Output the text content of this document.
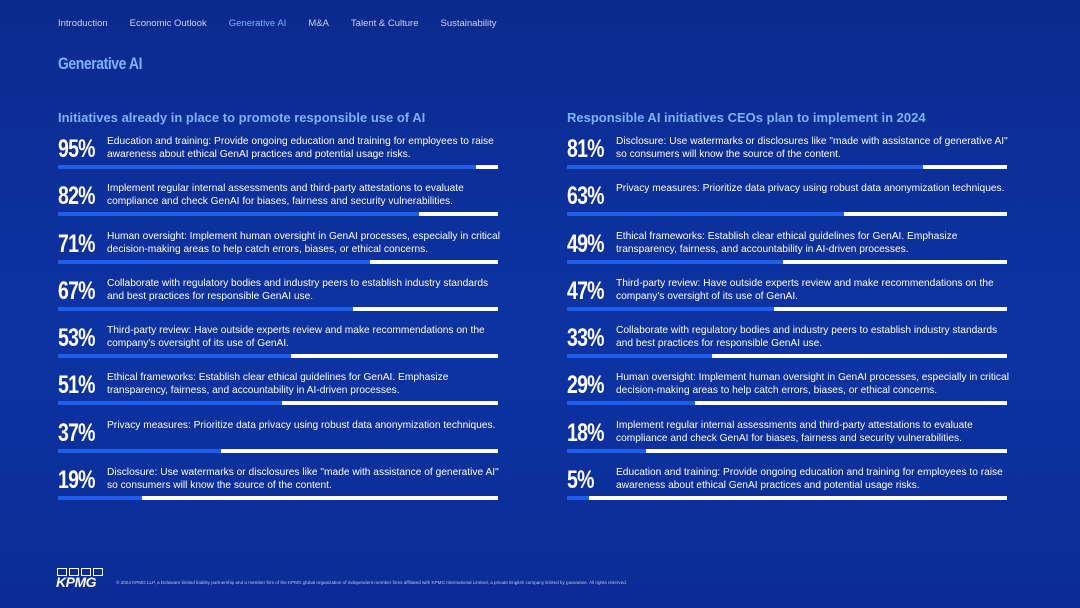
Introduction Economic Outlook Generative AI M&A Talent & Culture Sustainability
Generative AI
Initiatives already in place to promote responsible use of AI
95% Education and training: Provide ongoing education and training for employees to raise awareness about ethical GenAI practices and potential usage risks.
82% Implement regular internal assessments and third-party attestations to evaluate compliance and check GenAI for biases, fairness and security vulnerabilities.
71% Human oversight: Implement human oversight in GenAI processes, especially in critical decision-making areas to help catch errors, biases, or ethical concerns.
67% Collaborate with regulatory bodies and industry peers to establish industry standards and best practices for responsible GenAI use.
53% Third-party review: Have outside experts review and make recommendations on the company's oversight of its use of GenAI.
51% Ethical frameworks: Establish clear ethical guidelines for GenAI. Emphasize transparency, fairness, and accountability in AI-driven processes.
37% Privacy measures: Prioritize data privacy using robust data anonymization techniques.
19% Disclosure: Use watermarks or disclosures like "made with assistance of generative AI" so consumers will know the source of the content.
Responsible AI initiatives CEOs plan to implement in 2024
81% Disclosure: Use watermarks or disclosures like "made with assistance of generative AI" so consumers will know the source of the content.
63% Privacy measures: Prioritize data privacy using robust data anonymization techniques.
49% Ethical frameworks: Establish clear ethical guidelines for GenAI. Emphasize transparency, fairness, and accountability in AI-driven processes.
47% Third-party review: Have outside experts review and make recommendations on the company's oversight of its use of GenAI.
33% Collaborate with regulatory bodies and industry peers to establish industry standards and best practices for responsible GenAI use.
29% Human oversight: Implement human oversight in GenAI processes, especially in critical decision-making areas to help catch errors, biases, or ethical concerns.
18% Implement regular internal assessments and third-party attestations to evaluate compliance and check GenAI for biases, fairness and security vulnerabilities.
5% Education and training: Provide ongoing education and training for employees to raise awareness about ethical GenAI practices and potential usage risks.
KPMG	© 2024 KPMG LLP, a Delaware limited liability partnership and a member firm of the KPMG global organization of independent member firms affiliated with KPMG International Limited, a private English company limited by guarantee. All rights reserved.
